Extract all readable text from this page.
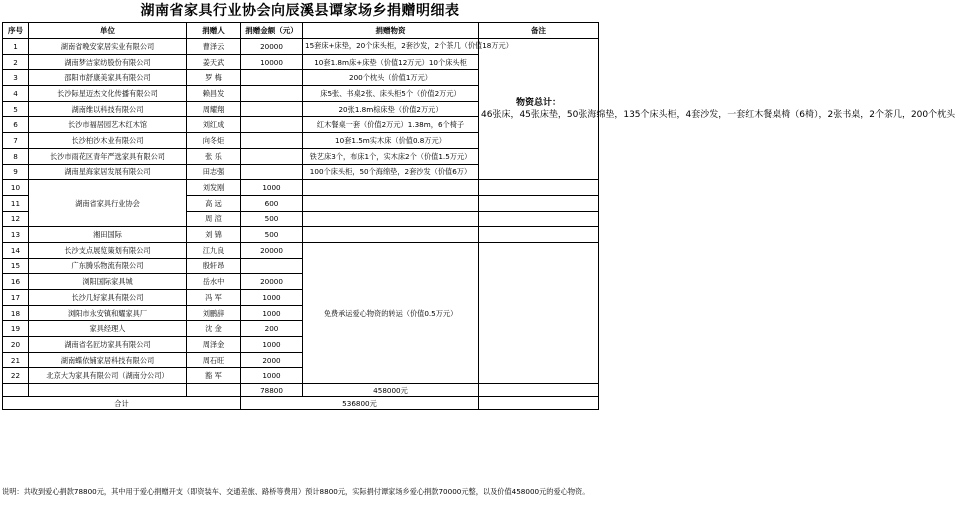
湖南省家具行业协会向辰溪县谭家场乡捐赠明细表
序号	单位	捐赠人	捐赠金额（元）	捐赠物资	备注
1	湖南省晚安家居实业有限公司	曹泽云	20000	15套床+床垫，20个床头柜，2套沙发，2个茶几（价值18万元）	物资总计：
46张床，45张床垫，50张海绵垫，135个床头柜，4套沙发，一套红木餐桌椅（6椅），2张书桌，2个茶几，200个枕头
2	湖南梦洁家纺股份有限公司	姜天武	10000	10套1.8m床+床垫（价值12万元）10个床头柜	
3	邵阳市舒康美家具有限公司	罗 梅		200个枕头（价值1万元）	
4	长沙际星迈杰文化传播有限公司	赖昌发		床5张、书桌2张、床头柜5个（价值2万元）	
5	湖南维以科技有限公司	周耀翔		20张1.8m棕床垫（价值2万元）	
6	长沙市福居园艺木红木馆	刘红成		红木餐桌一套（价值2万元）1.38m，6个椅子	
7	长沙柏沙木业有限公司	向冬炬		10套1.5m实木床（价值0.8万元）	
8	长沙市雨花区青年严选家具有限公司	张 乐		铁艺床3个，布床1个，实木床2个（价值1.5万元）	
9	湖南星海家居发展有限公司	田志强		100个床头柜，50个海绵垫，2套沙发（价值6万）	
10	湖南省家具行业协会	刘发刚	1000		
11		高 远	600		
12		周 渲	500		
13	湘田国际	刘 锦	500		
14	长沙支点展览策划有限公司	江九良	20000	免费承运爱心物资的转运（价值0.5万元）	
15	广东腾乐物流有限公司	殷轩昂			
16	浏阳国际家具城	岳水中	20000		
17	长沙几好家具有限公司	冯 军	1000		
18	浏阳市永安镇和耀家具厂	刘鹏辞	1000		
19	家具经理人	沈 金	200		
20	湖南省名匠坊家具有限公司	周泽金	1000		
21	湖南蝶依铺家居科技有限公司	周石旺	2000		
22	北京大为家具有限公司（湖南分公司）	豁 军	1000		
			78800	458000元	
合计			536800元		
说明：共收到爱心捐款78800元，其中用于爱心捐赠开支（即资装车、交通差旅、路桥等费用）预计8800元，实际捐付谭家场乡爱心捐款70000元整，以及价值458000元的爱心物资。
